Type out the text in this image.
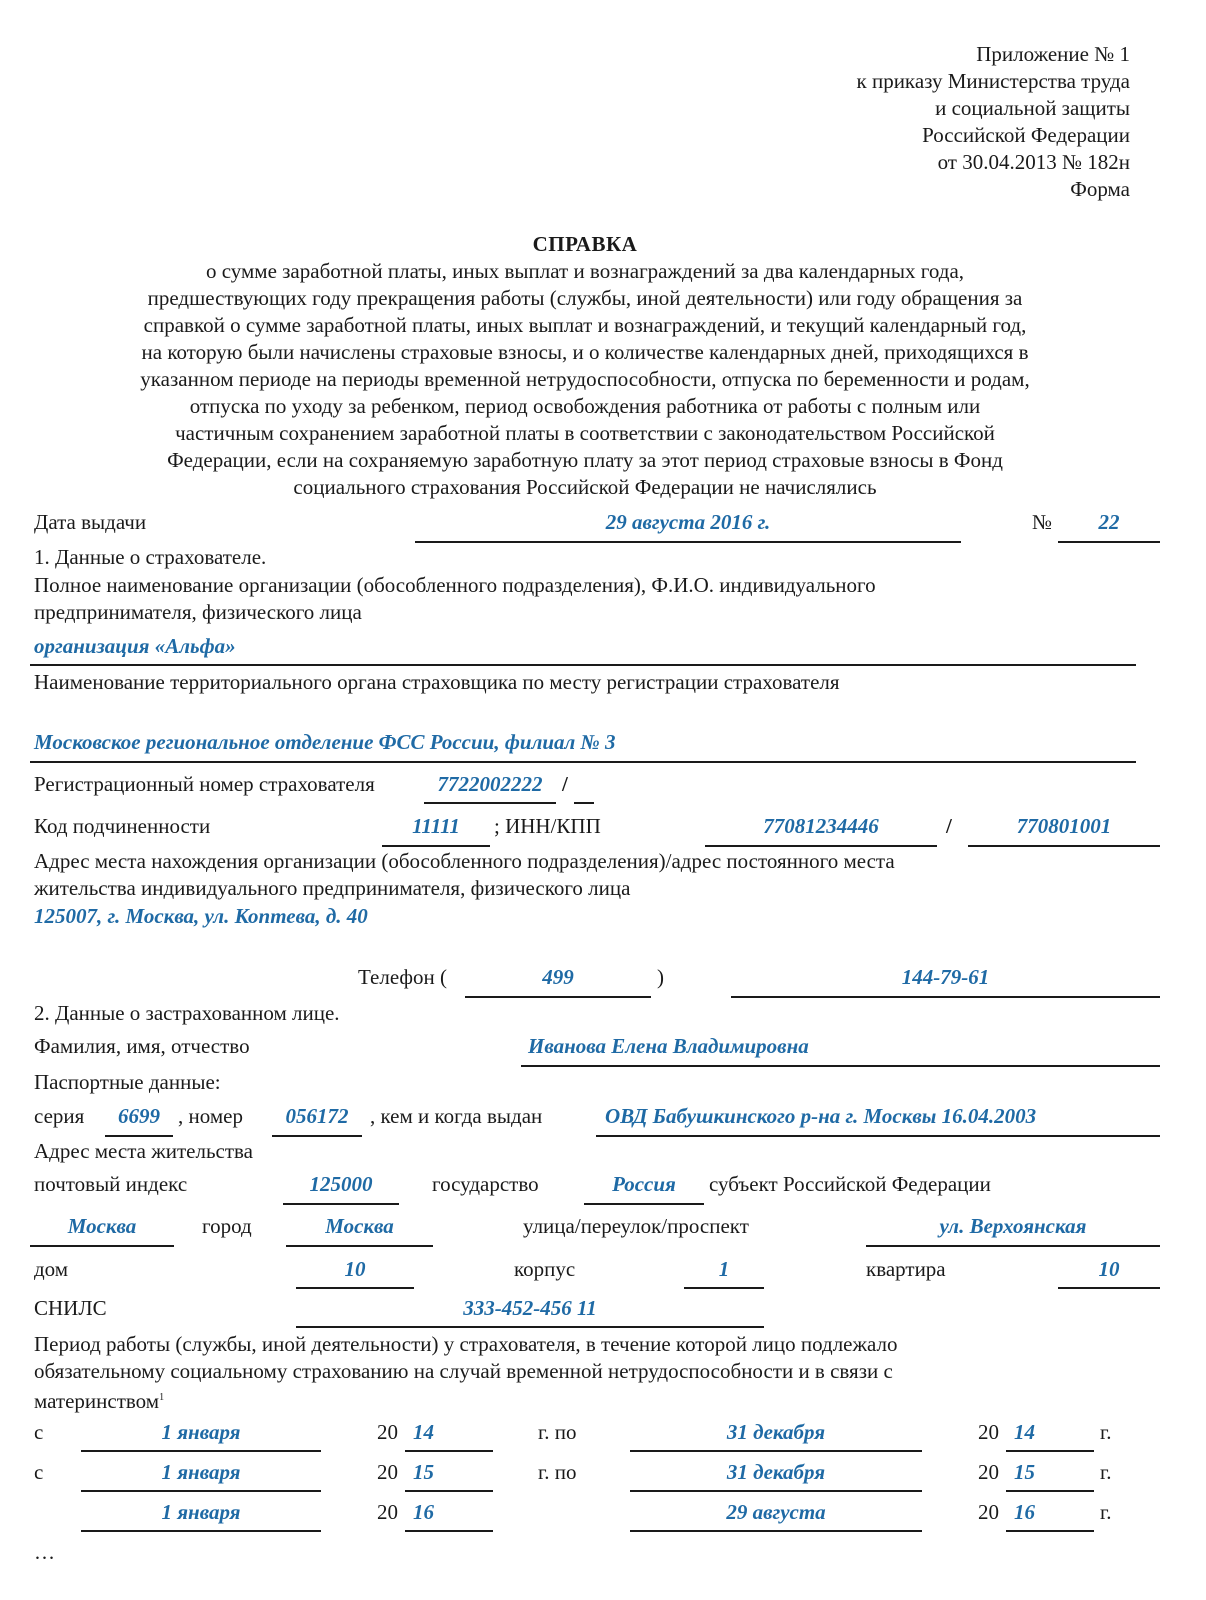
Приложение № 1
к приказу Министерства труда
и социальной защиты
Российской Федерации
от 30.04.2013 № 182н
Форма
СПРАВКА
о сумме заработной платы, иных выплат и вознаграждений за два календарных года,
предшествующих году прекращения работы (службы, иной деятельности) или году обращения за
справкой о сумме заработной платы, иных выплат и вознаграждений, и текущий календарный год,
на которую были начислены страховые взносы, и о количестве календарных дней, приходящихся в
указанном периоде на периоды временной нетрудоспособности, отпуска по беременности и родам,
отпуска по уходу за ребенком, период освобождения работника от работы с полным или
частичным сохранением заработной платы в соответствии с законодательством Российской
Федерации, если на сохраняемую заработную плату за этот период страховые взносы в Фонд
социального страхования Российской Федерации не начислялись
Дата выдачи	29 августа 2016 г.	№	22
1. Данные о страхователе.
Полное наименование организации (обособленного подразделения), Ф.И.О. индивидуального
предпринимателя, физического лица
организация «Альфа»
Наименование территориального органа страховщика по месту регистрации страхователя
Московское региональное отделение ФСС России, филиал № 3
Регистрационный номер страхователя	7722002222 /
Код подчиненности	11111	; ИНН/КПП	77081234446	/	770801001
Адрес места нахождения организации (обособленного подразделения)/адрес постоянного места
жительства индивидуального предпринимателя, физического лица
125007, г. Москва, ул. Коптева, д. 40
Телефон (	499	)	144-79-61
2. Данные о застрахованном лице.
Фамилия, имя, отчество	Иванова Елена Владимировна
Паспортные данные:
серия	6699 , номер	056172	, кем и когда выдан	ОВД Бабушкинского р-на г. Москвы 16.04.2003
Адрес места жительства
почтовый индекс	125000	государство	Россия	субъект Российской Федерации
Москва	город	Москва	улица/переулок/проспект	ул. Верхоянская
дом	10	корпус	1	квартира	10
СНИЛС	333-452-456 11
Период работы (службы, иной деятельности) у страхователя, в течение которой лицо подлежало
обязательному социальному страхованию на случай временной нетрудоспособности и в связи с
материнством$^1$
с	1 января	20 14	г. по	31 декабря	20 14	г.
с	1 января	20 15	г. по	31 декабря	20 15	г.
1 января	20 16	29 августа	20 16	г.
…
